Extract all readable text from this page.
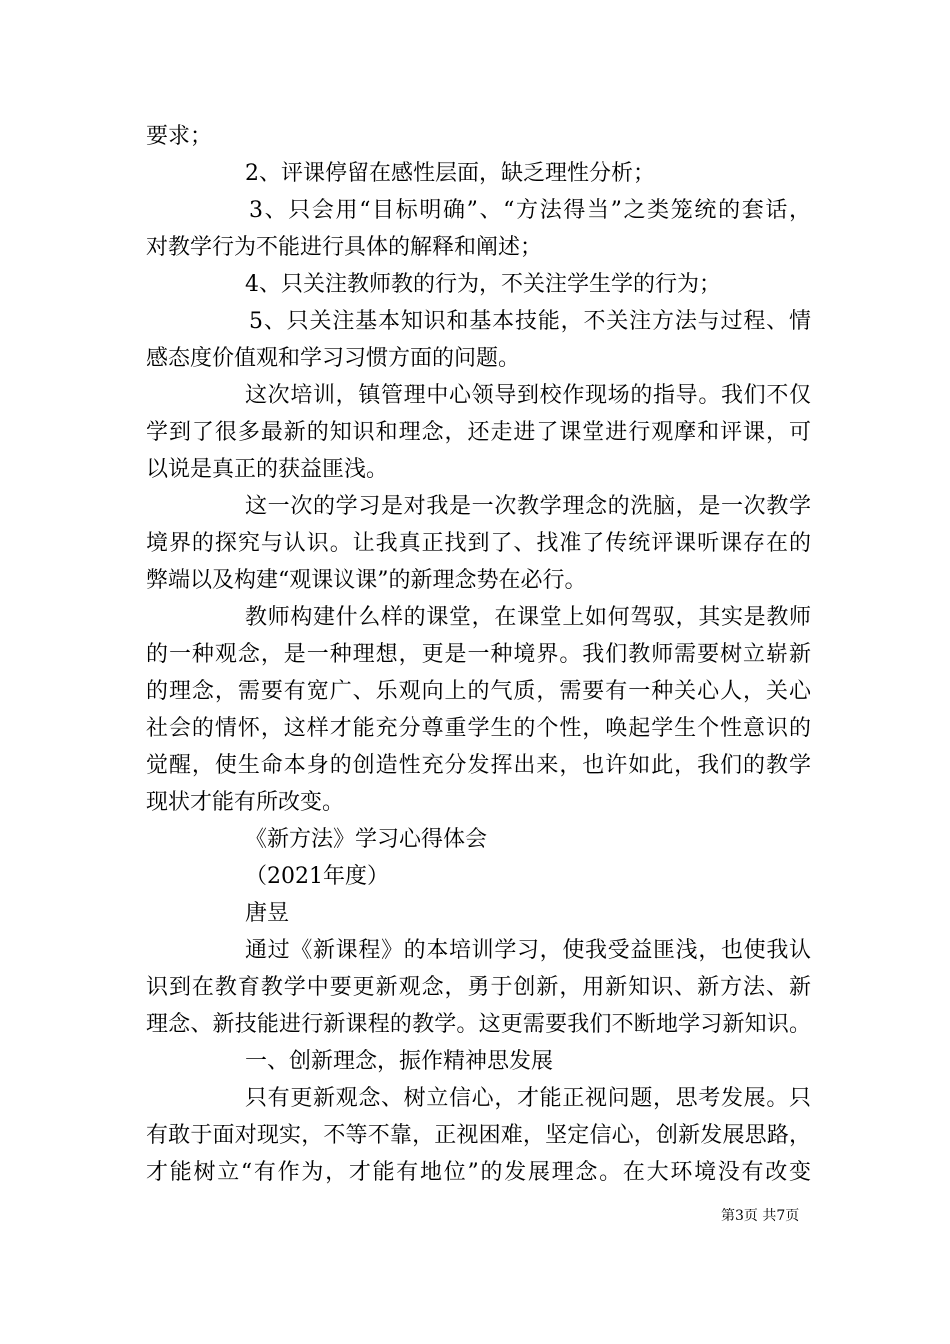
要求；
2、评课停留在感性层面，缺乏理性分析；
3、只会用“目标明确”、“方法得当”之类笼统的套话，
对教学行为不能进行具体的解释和阐述；
4、只关注教师教的行为，不关注学生学的行为；
5、只关注基本知识和基本技能，不关注方法与过程、情
感态度价值观和学习习惯方面的问题。
这次培训，镇管理中心领导到校作现场的指导。我们不仅
学到了很多最新的知识和理念，还走进了课堂进行观摩和评课，可
以说是真正的获益匪浅。
这一次的学习是对我是一次教学理念的洗脑，是一次教学
境界的探究与认识。让我真正找到了、找准了传统评课听课存在的
弊端以及构建“观课议课”的新理念势在必行。
教师构建什么样的课堂，在课堂上如何驾驭，其实是教师
的一种观念，是一种理想，更是一种境界。我们教师需要树立崭新
的理念，需要有宽广、乐观向上的气质，需要有一种关心人，关心
社会的情怀，这样才能充分尊重学生的个性，唤起学生个性意识的
觉醒，使生命本身的创造性充分发挥出来，也许如此，我们的教学
现状才能有所改变。
《新方法》学习心得体会
（2021年度）
唐昱
通过《新课程》的本培训学习，使我受益匪浅，也使我认
识到在教育教学中要更新观念，勇于创新，用新知识、新方法、新
理念、新技能进行新课程的教学。这更需要我们不断地学习新知识。
一、创新理念，振作精神思发展
只有更新观念、树立信心，才能正视问题，思考发展。只
有敢于面对现实，不等不靠，正视困难，坚定信心，创新发展思路，
才能树立“有作为，才能有地位”的发展理念。在大环境没有改变
第3页 共7页
